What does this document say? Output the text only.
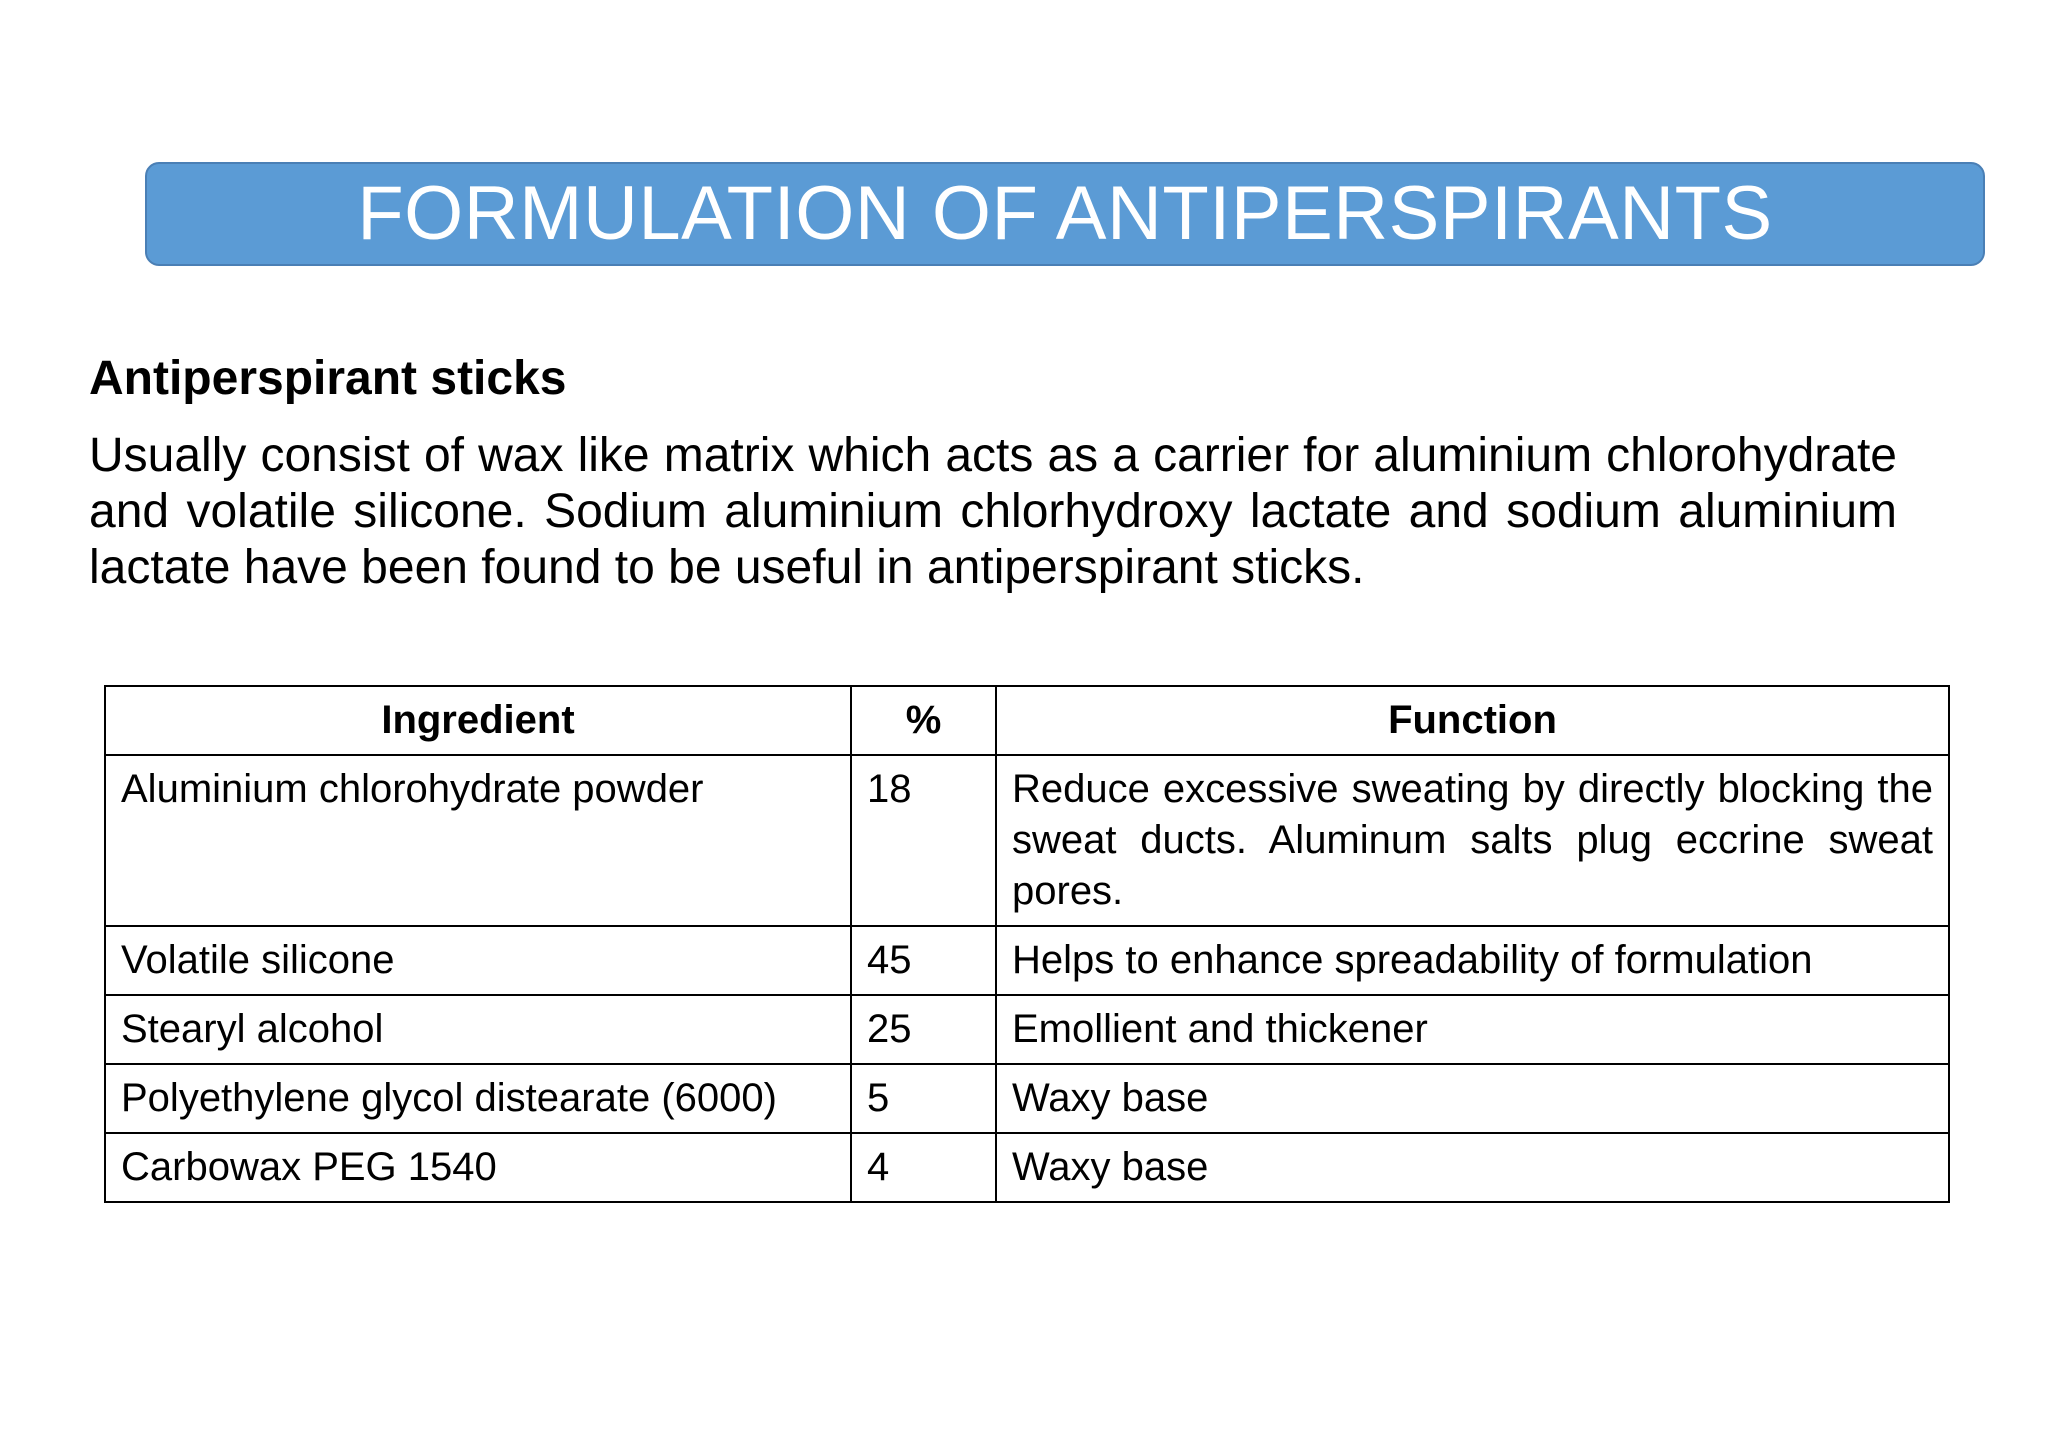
FORMULATION OF ANTIPERSPIRANTS
Antiperspirant sticks

Usually consist of wax like matrix which acts as a carrier for aluminium chlorohydrate and volatile silicone. Sodium aluminium chlorhydroxy lactate and sodium aluminium lactate have been found to be useful in antiperspirant sticks.

Ingredient	%	Function
Aluminium chlorohydrate powder	18	Reduce excessive sweating by directly blocking the sweat ducts. Aluminum salts plug eccrine sweat pores.
Volatile silicone	45	Helps to enhance spreadability of formulation
Stearyl alcohol	25	Emollient and thickener
Polyethylene glycol distearate (6000)	5	Waxy base
Carbowax PEG 1540	4	Waxy base
